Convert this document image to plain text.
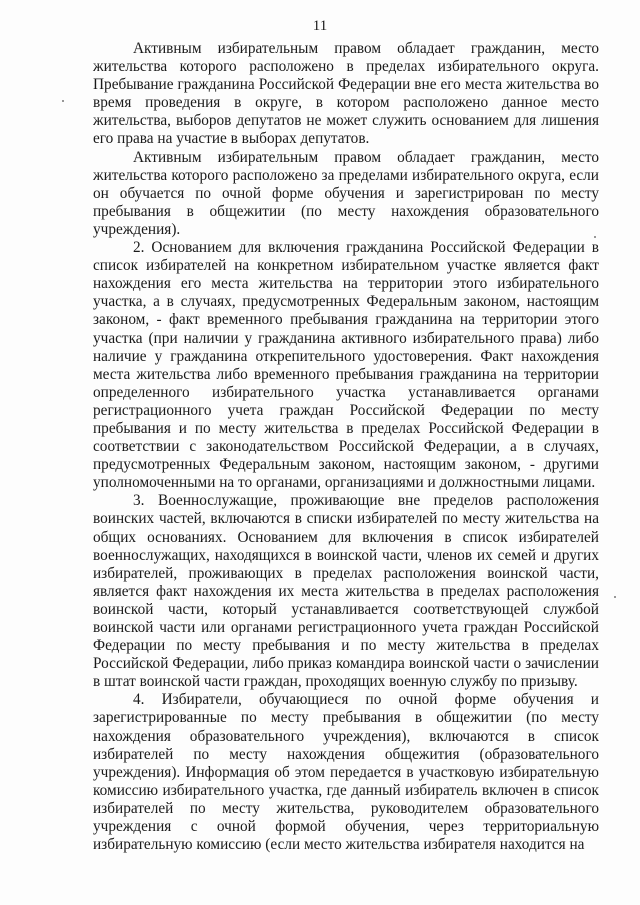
11

Активным избирательным правом обладает гражданин, место жительства которого расположено в пределах избирательного округа. Пребывание гражданина Российской Федерации вне его места жительства во время проведения в округе, в котором расположено данное место жительства, выборов депутатов не может служить основанием для лишения его права на участие в выборах депутатов.

Активным избирательным правом обладает гражданин, место жительства которого расположено за пределами избирательного округа, если он обучается по очной форме обучения и зарегистрирован по месту пребывания в общежитии (по месту нахождения образовательного учреждения).

2. Основанием для включения гражданина Российской Федерации в список избирателей на конкретном избирательном участке является факт нахождения его места жительства на территории этого избирательного участка, а в случаях, предусмотренных Федеральным законом, настоящим законом, - факт временного пребывания гражданина на территории этого участка (при наличии у гражданина активного избирательного права) либо наличие у гражданина открепительного удостоверения. Факт нахождения места жительства либо временного пребывания гражданина на территории определенного избирательного участка устанавливается органами регистрационного учета граждан Российской Федерации по месту пребывания и по месту жительства в пределах Российской Федерации в соответствии с законодательством Российской Федерации, а в случаях, предусмотренных Федеральным законом, настоящим законом, - другими уполномоченными на то органами, организациями и должностными лицами.

3. Военнослужащие, проживающие вне пределов расположения воинских частей, включаются в списки избирателей по месту жительства на общих основаниях. Основанием для включения в список избирателей военнослужащих, находящихся в воинской части, членов их семей и других избирателей, проживающих в пределах расположения воинской части, является факт нахождения их места жительства в пределах расположения воинской части, который устанавливается соответствующей службой воинской части или органами регистрационного учета граждан Российской Федерации по месту пребывания и по месту жительства в пределах Российской Федерации, либо приказ командира воинской части о зачислении в штат воинской части граждан, проходящих военную службу по призыву.

4. Избиратели, обучающиеся по очной форме обучения и зарегистрированные по месту пребывания в общежитии (по месту нахождения образовательного учреждения), включаются в список избирателей по месту нахождения общежития (образовательного учреждения). Информация об этом передается в участковую избирательную комиссию избирательного участка, где данный избиратель включен в список избирателей по месту жительства, руководителем образовательного учреждения с очной формой обучения, через территориальную избирательную комиссию (если место жительства избирателя находится на
